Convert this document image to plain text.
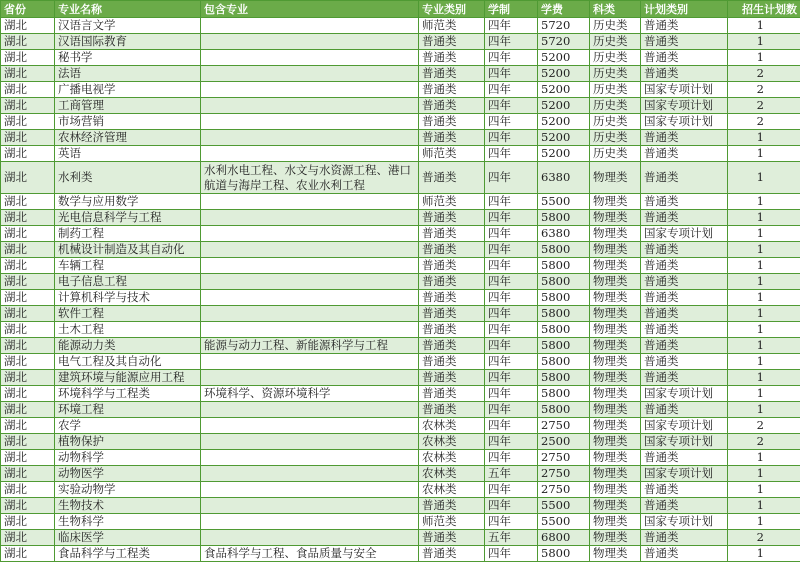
省份	专业名称	包含专业	专业类别	学制	学费	科类	计划类别	招生计划数
湖北	汉语言文学		师范类	四年	5720	历史类	普通类	1
湖北	汉语国际教育		普通类	四年	5720	历史类	普通类	1
湖北	秘书学		普通类	四年	5200	历史类	普通类	1
湖北	法语		普通类	四年	5200	历史类	普通类	2
湖北	广播电视学		普通类	四年	5200	历史类	国家专项计划	2
湖北	工商管理		普通类	四年	5200	历史类	国家专项计划	2
湖北	市场营销		普通类	四年	5200	历史类	国家专项计划	2
湖北	农林经济管理		普通类	四年	5200	历史类	普通类	1
湖北	英语		师范类	四年	5200	历史类	普通类	1
湖北	水利类	水利水电工程、水文与水资源工程、港口航道与海岸工程、农业水利工程	普通类	四年	6380	物理类	普通类	1
湖北	数学与应用数学		师范类	四年	5500	物理类	普通类	1
湖北	光电信息科学与工程		普通类	四年	5800	物理类	普通类	1
湖北	制药工程		普通类	四年	6380	物理类	国家专项计划	1
湖北	机械设计制造及其自动化		普通类	四年	5800	物理类	普通类	1
湖北	车辆工程		普通类	四年	5800	物理类	普通类	1
湖北	电子信息工程		普通类	四年	5800	物理类	普通类	1
湖北	计算机科学与技术		普通类	四年	5800	物理类	普通类	1
湖北	软件工程		普通类	四年	5800	物理类	普通类	1
湖北	土木工程		普通类	四年	5800	物理类	普通类	1
湖北	能源动力类	能源与动力工程、新能源科学与工程	普通类	四年	5800	物理类	普通类	1
湖北	电气工程及其自动化		普通类	四年	5800	物理类	普通类	1
湖北	建筑环境与能源应用工程		普通类	四年	5800	物理类	普通类	1
湖北	环境科学与工程类	环境科学、资源环境科学	普通类	四年	5800	物理类	国家专项计划	1
湖北	环境工程		普通类	四年	5800	物理类	普通类	1
湖北	农学		农林类	四年	2750	物理类	国家专项计划	2
湖北	植物保护		农林类	四年	2500	物理类	国家专项计划	2
湖北	动物科学		农林类	四年	2750	物理类	普通类	1
湖北	动物医学		农林类	五年	2750	物理类	国家专项计划	1
湖北	实验动物学		农林类	四年	2750	物理类	普通类	1
湖北	生物技术		普通类	四年	5500	物理类	普通类	1
湖北	生物科学		师范类	四年	5500	物理类	国家专项计划	1
湖北	临床医学		普通类	五年	6800	物理类	普通类	2
湖北	食品科学与工程类	食品科学与工程、食品质量与安全	普通类	四年	5800	物理类	普通类	1
